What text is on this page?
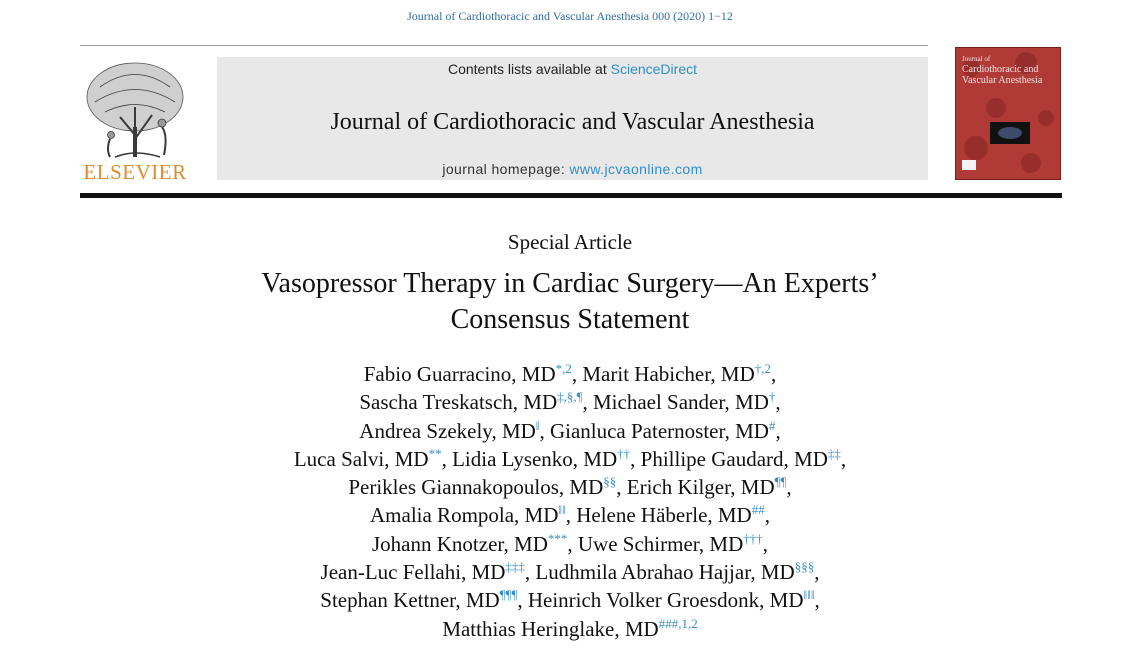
Journal of Cardiothoracic and Vascular Anesthesia 000 (2020) 1−12
ELSEVIER
Contents lists available at ScienceDirect
Journal of Cardiothoracic and Vascular Anesthesia
journal homepage: www.jcvaonline.com
Journal of
Cardiothoracic and
Vascular Anesthesia
Special Article
Vasopressor Therapy in Cardiac Surgery—An Experts’
Consensus Statement
Fabio Guarracino, $MD^{*,2}$, Marit Habicher, $MD^{\dagger,2}$,
Sascha Treskatsch, MD‡,§,¶, Michael Sander, MD†,
Andrea Szekely, MD‖, Gianluca Paternoster, MD#,
Luca Salvi, MD**, Lidia Lysenko, MD††, Phillipe Gaudard, MD‡‡,
Perikles Giannakopoulos, MD§§, Erich Kilger, MD¶¶,
Amalia Rompola, MD‖‖, Helene Häberle, MD##,
Johann Knotzer, MD***, Uwe Schirmer, MD†††,
Jean-Luc Fellahi, MD‡‡‡, Ludhmila Abrahao Hajjar, MD§§§,
Stephan Kettner, MD¶¶¶, Heinrich Volker Groesdonk, MD‖‖‖,
Matthias Heringlake, $MD^{\#\#\#,1,2}$
